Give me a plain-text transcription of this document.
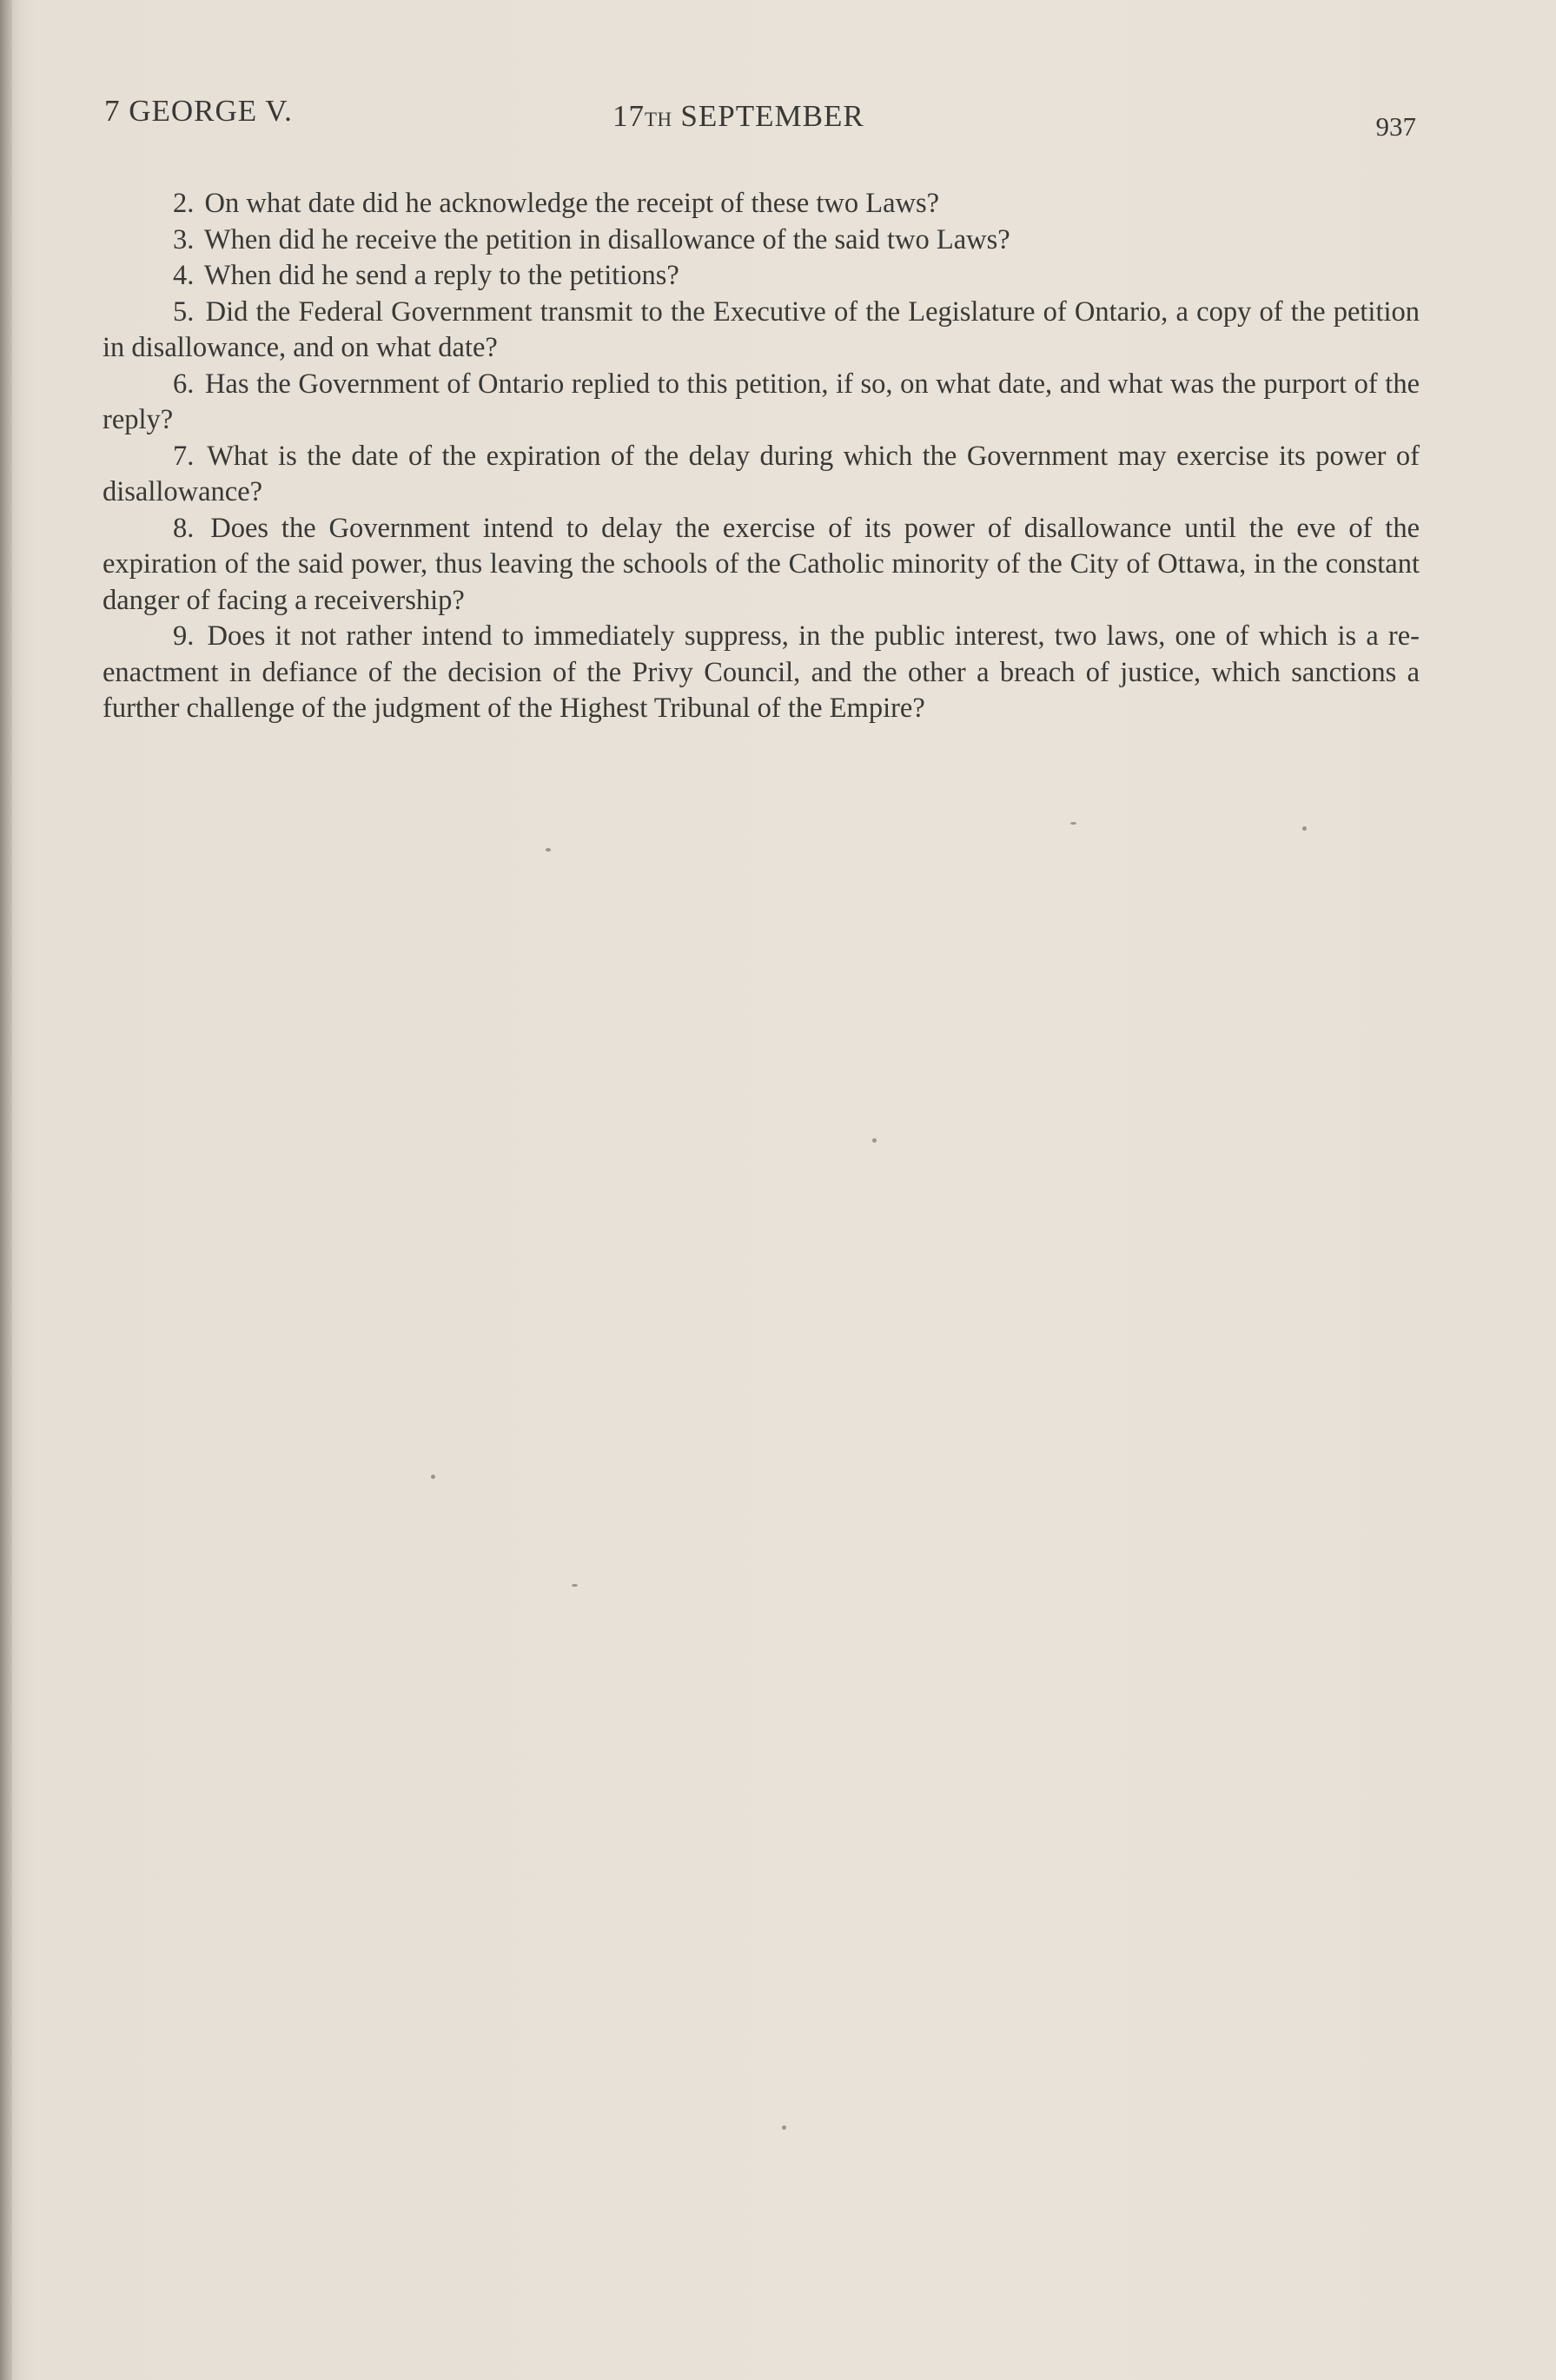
7 GEORGE V.	17TH SEPTEMBER	937

2. On what date did he acknowledge the receipt of these two Laws?

3. When did he receive the petition in disallowance of the said two Laws?

4. When did he send a reply to the petitions?

5. Did the Federal Government transmit to the Executive of the Legislature of Ontario, a copy of the petition in disallowance, and on what date?

6. Has the Government of Ontario replied to this petition, if so, on what date, and what was the purport of the reply?

7. What is the date of the expiration of the delay during which the Government may exercise its power of disallowance?

8. Does the Government intend to delay the exercise of its power of disallowance until the eve of the expiration of the said power, thus leaving the schools of the Catholic minority of the City of Ottawa, in the constant danger of facing a receivership?

9. Does it not rather intend to immediately suppress, in the public interest, two laws, one of which is a re-enactment in defiance of the decision of the Privy Council, and the other a breach of justice, which sanctions a further challenge of the judgment of the Highest Tribunal of the Empire?
